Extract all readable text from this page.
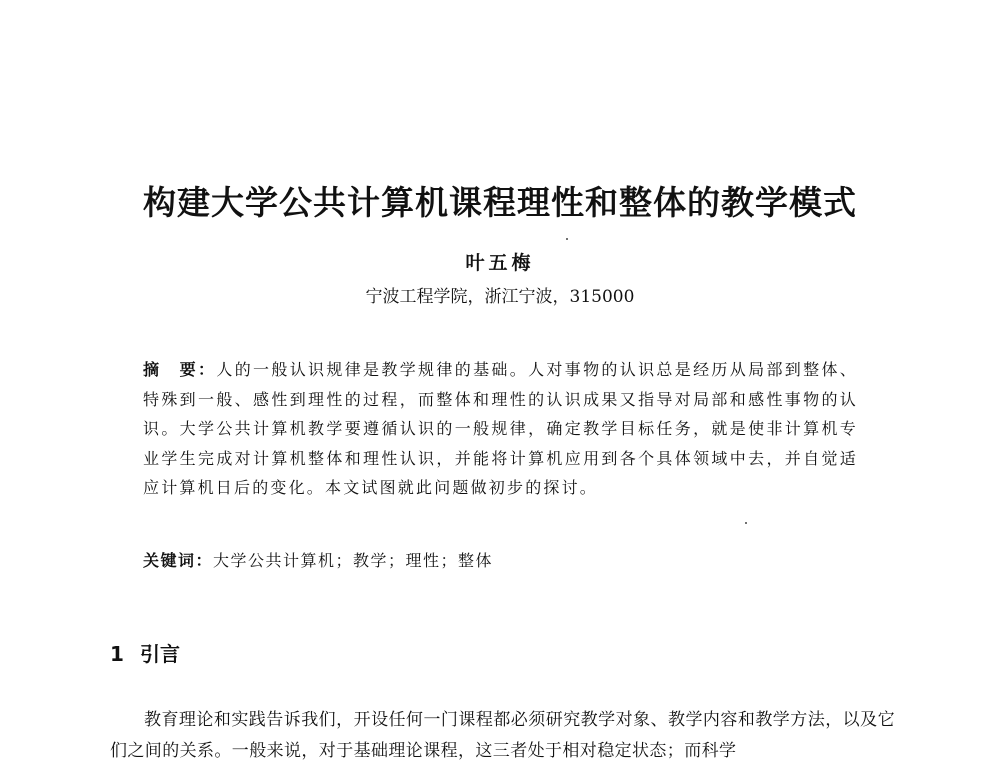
构建大学公共计算机课程理性和整体的教学模式
叶五梅
宁波工程学院，浙江宁波，315000
摘　要：人的一般认识规律是教学规律的基础。人对事物的认识总是经历从局部到整体、特殊到一般、感性到理性的过程，而整体和理性的认识成果又指导对局部和感性事物的认识。大学公共计算机教学要遵循认识的一般规律，确定教学目标任务，就是使非计算机专业学生完成对计算机整体和理性认识，并能将计算机应用到各个具体领域中去，并自觉适应计算机日后的变化。本文试图就此问题做初步的探讨。
关键词：大学公共计算机；教学；理性；整体
1 引言
教育理论和实践告诉我们，开设任何一门课程都必须研究教学对象、教学内容和教学方法，以及它们之间的关系。一般来说，对于基础理论课程，这三者处于相对稳定状态；而科学
